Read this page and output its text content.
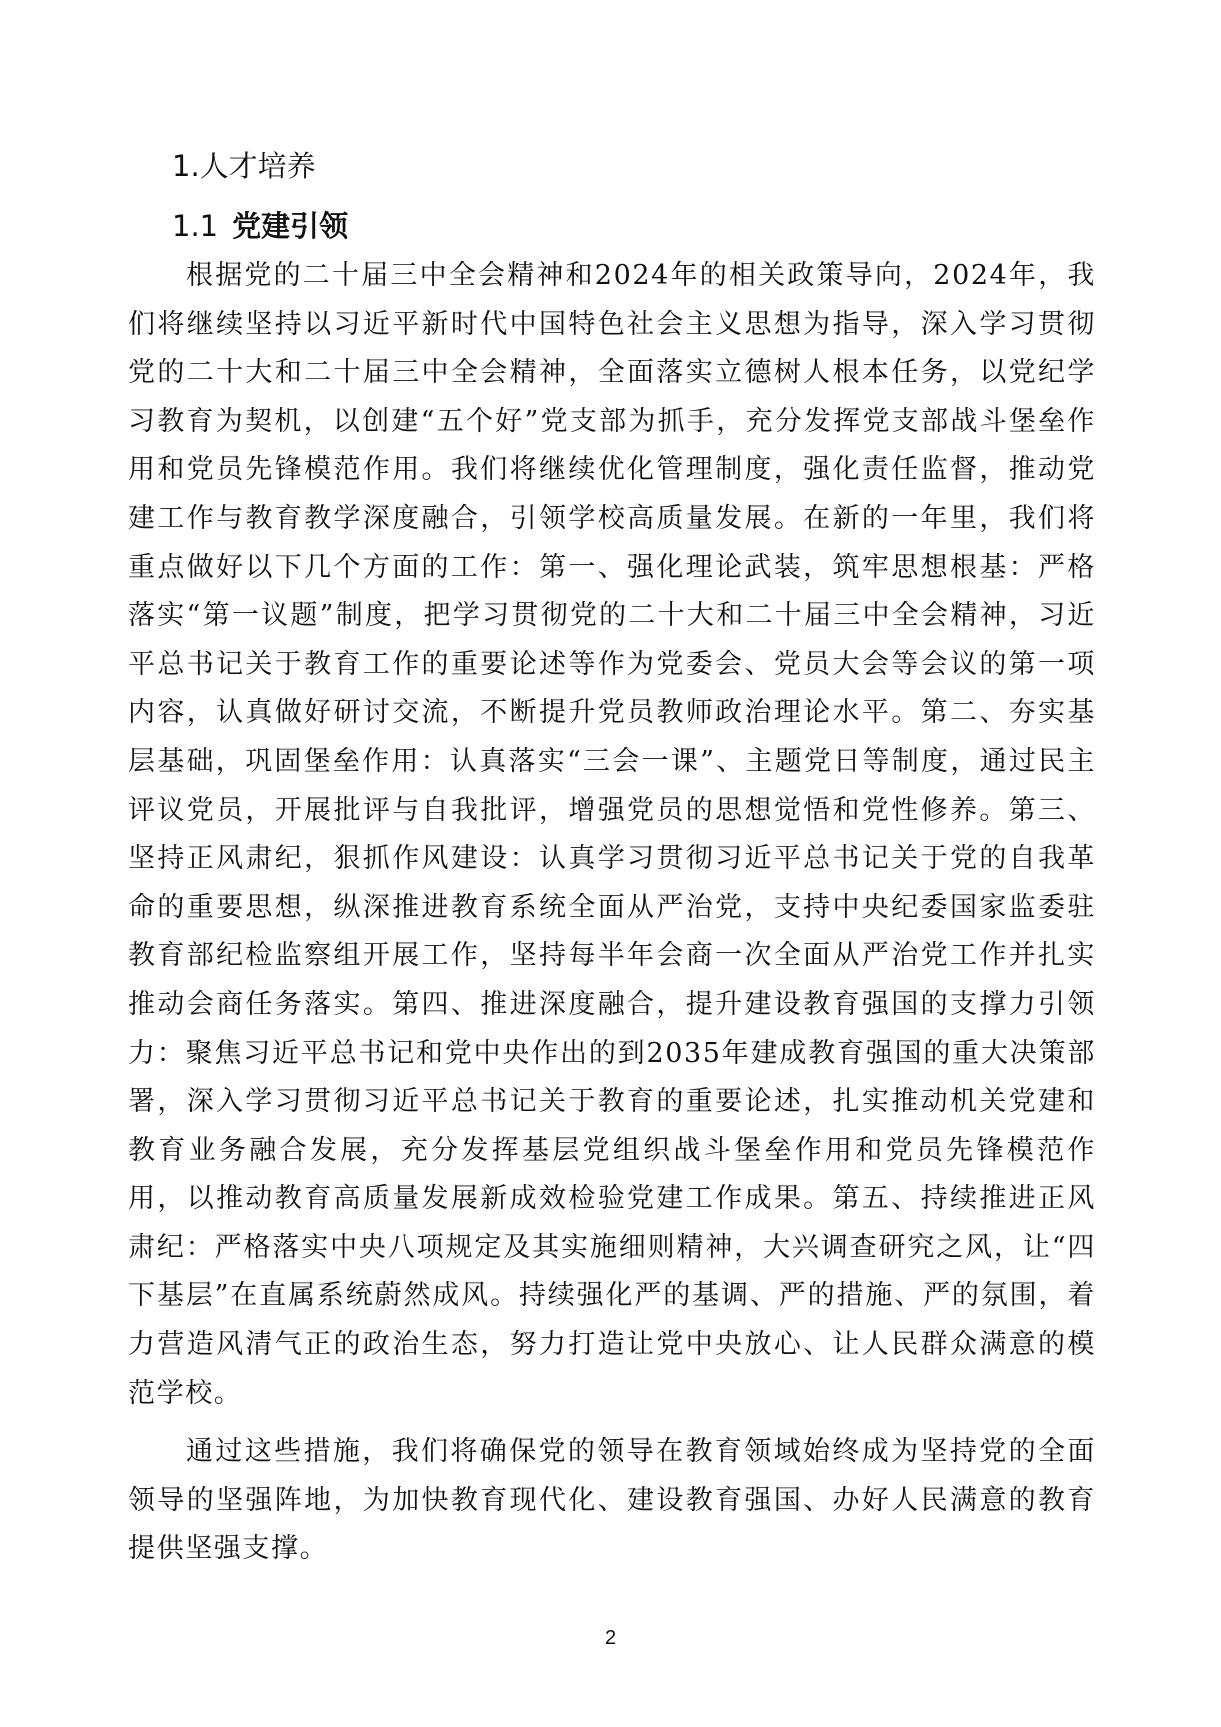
1.人才培养
1.1 党建引领

根据党的二十届三中全会精神和2024年的相关政策导向，2024年，我们将继续坚持以习近平新时代中国特色社会主义思想为指导，深入学习贯彻党的二十大和二十届三中全会精神，全面落实立德树人根本任务，以党纪学习教育为契机，以创建“五个好”党支部为抓手，充分发挥党支部战斗堡垒作用和党员先锋模范作用。我们将继续优化管理制度，强化责任监督，推动党建工作与教育教学深度融合，引领学校高质量发展。在新的一年里，我们将重点做好以下几个方面的工作：第一、强化理论武装，筑牢思想根基：严格落实“第一议题”制度，把学习贯彻党的二十大和二十届三中全会精神，习近平总书记关于教育工作的重要论述等作为党委会、党员大会等会议的第一项内容，认真做好研讨交流，不断提升党员教师政治理论水平。第二、夯实基层基础，巩固堡垒作用：认真落实“三会一课”、主题党日等制度，通过民主评议党员，开展批评与自我批评，增强党员的思想觉悟和党性修养。第三、坚持正风肃纪，狠抓作风建设：认真学习贯彻习近平总书记关于党的自我革命的重要思想，纵深推进教育系统全面从严治党，支持中央纪委国家监委驻教育部纪检监察组开展工作，坚持每半年会商一次全面从严治党工作并扎实推动会商任务落实。第四、推进深度融合，提升建设教育强国的支撑力引领力：聚焦习近平总书记和党中央作出的到2035年建成教育强国的重大决策部署，深入学习贯彻习近平总书记关于教育的重要论述，扎实推动机关党建和教育业务融合发展，充分发挥基层党组织战斗堡垒作用和党员先锋模范作用，以推动教育高质量发展新成效检验党建工作成果。第五、持续推进正风肃纪：严格落实中央八项规定及其实施细则精神，大兴调查研究之风，让“四下基层”在直属系统蔚然成风。持续强化严的基调、严的措施、严的氛围，着力营造风清气正的政治生态，努力打造让党中央放心、让人民群众满意的模范学校。

通过这些措施，我们将确保党的领导在教育领域始终成为坚持党的全面领导的坚强阵地，为加快教育现代化、建设教育强国、办好人民满意的教育提供坚强支撑。

2
